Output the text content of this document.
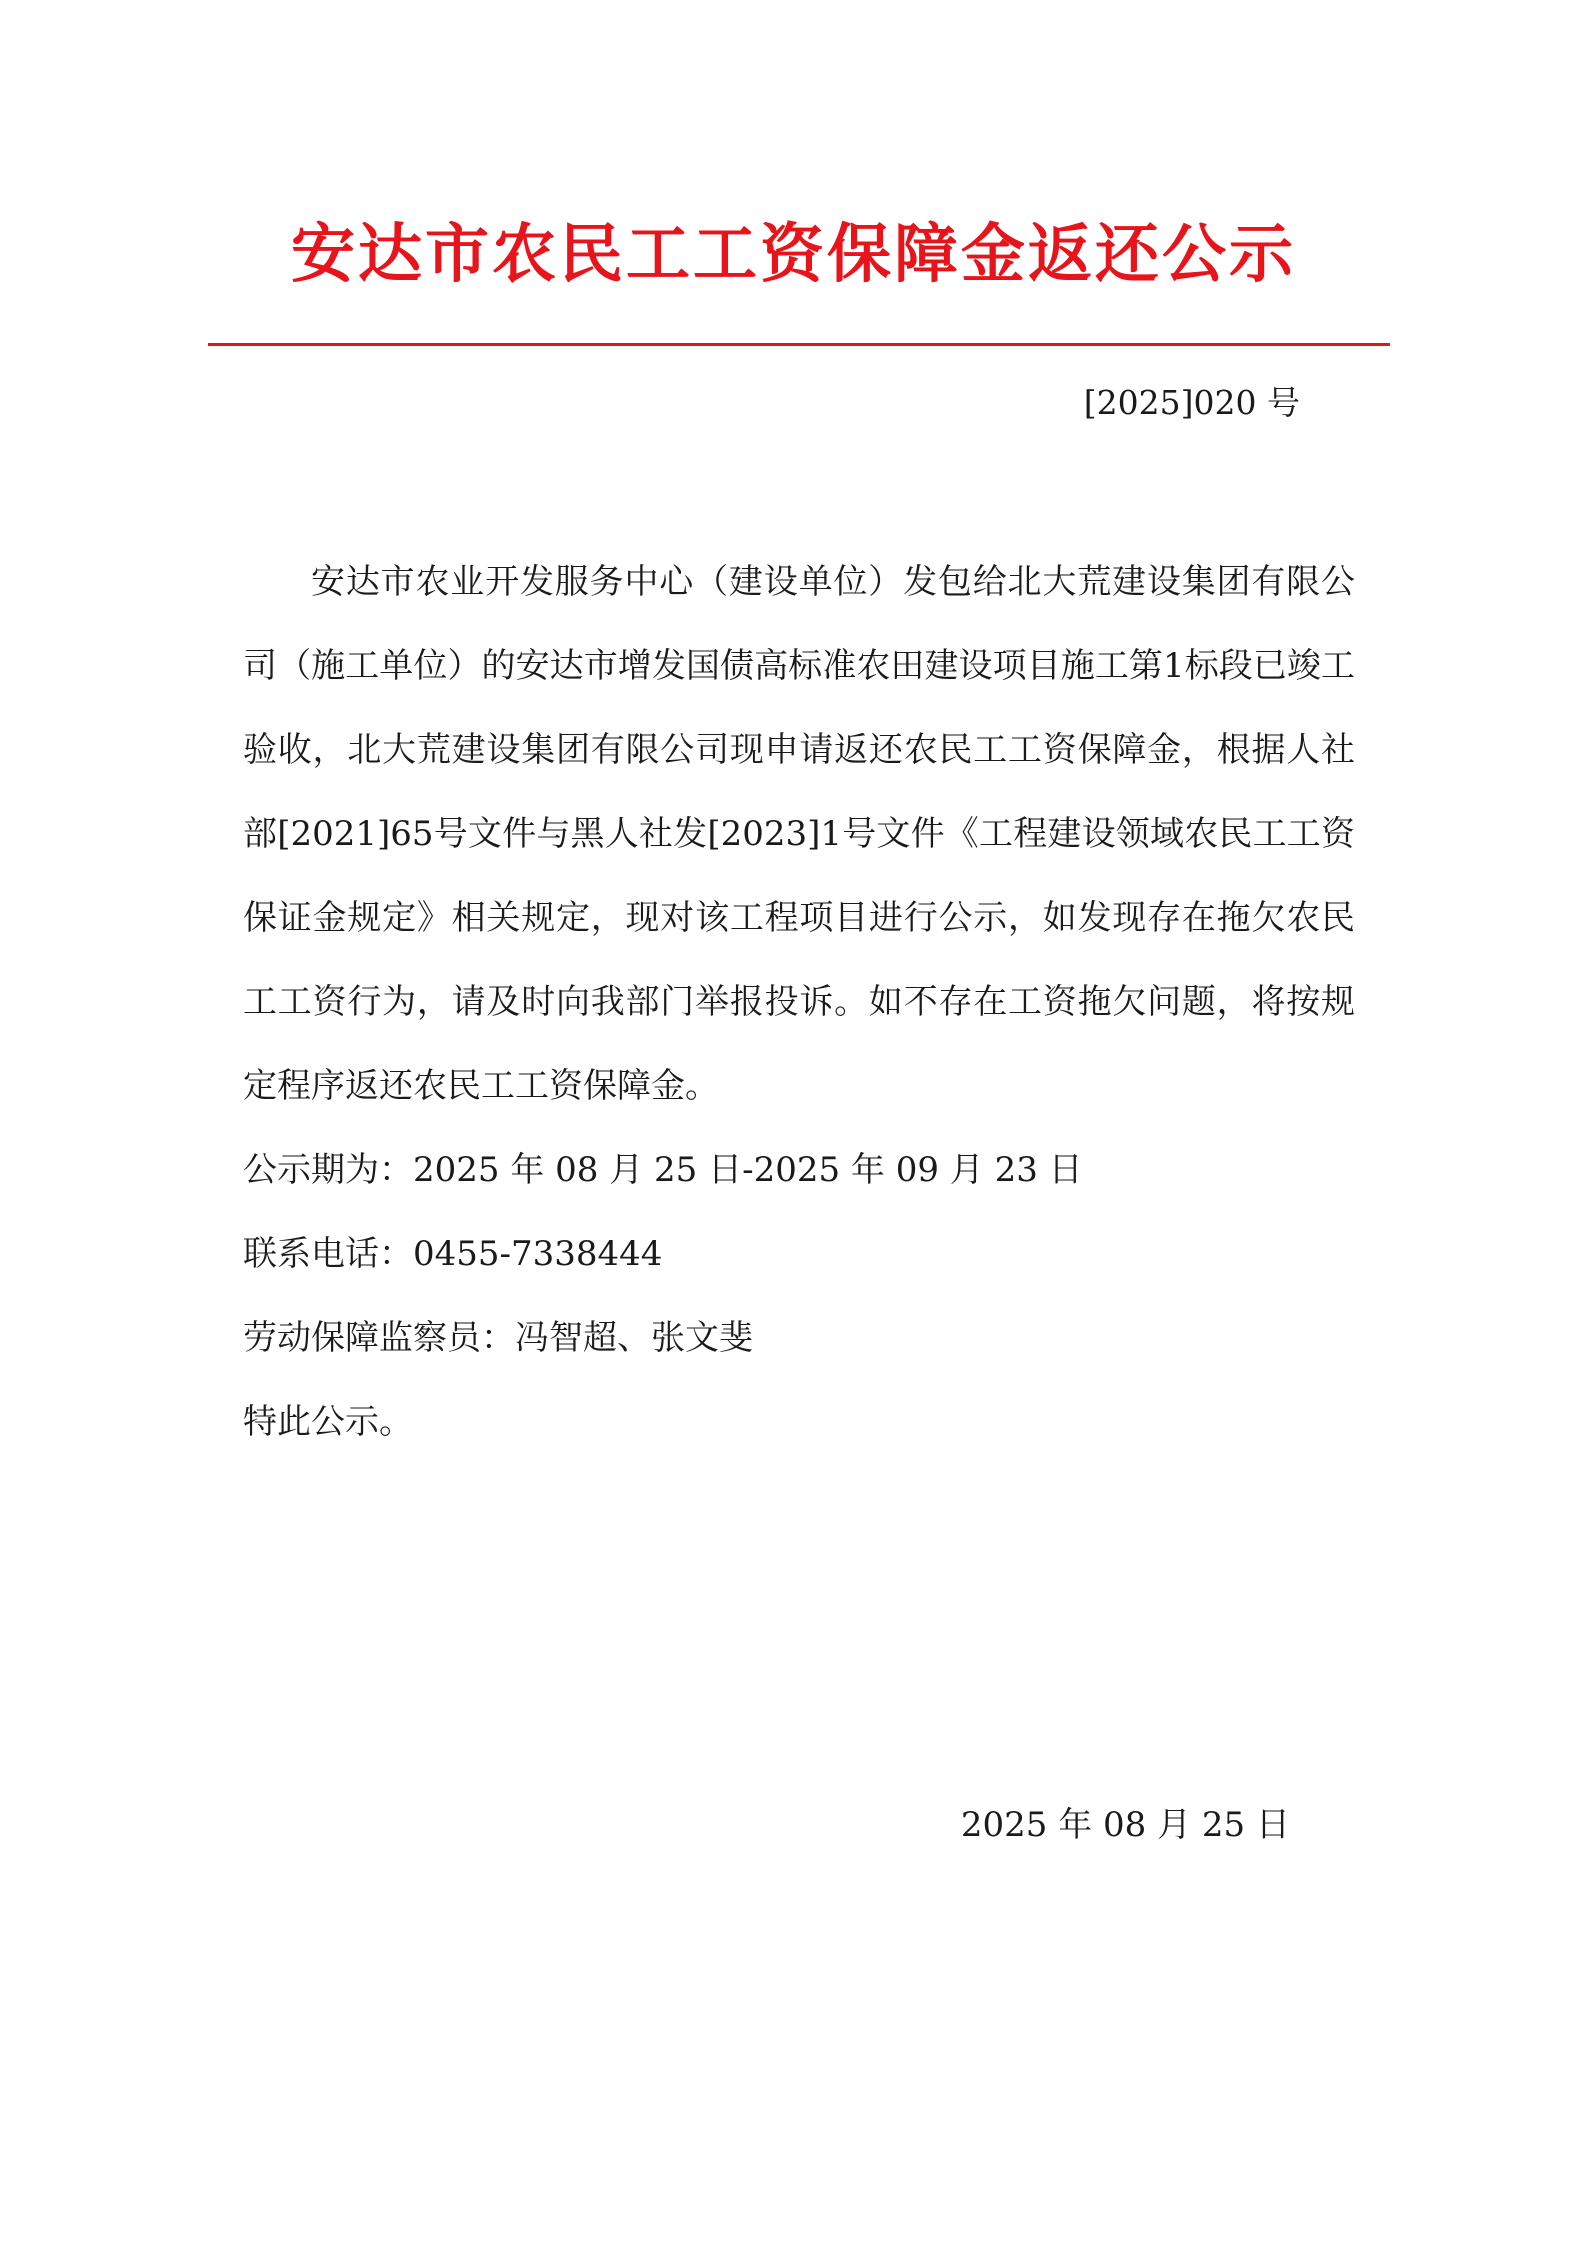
安达市农民工工资保障金返还公示
[2025]020 号

安达市农业开发服务中心（建设单位）发包给北大荒建设集团有限公司（施工单位）的安达市增发国债高标准农田建设项目施工第1标段已竣工验收，北大荒建设集团有限公司现申请返还农民工工资保障金，根据人社部[2021]65号文件与黑人社发[2023]1号文件《工程建设领域农民工工资保证金规定》相关规定，现对该工程项目进行公示，如发现存在拖欠农民工工资行为，请及时向我部门举报投诉。如不存在工资拖欠问题，将按规定程序返还农民工工资保障金。

公示期为：2025 年 08 月 25 日-2025 年 09 月 23 日

联系电话：0455-7338444

劳动保障监察员：冯智超、张文斐

特此公示。

2025 年 08 月 25 日
